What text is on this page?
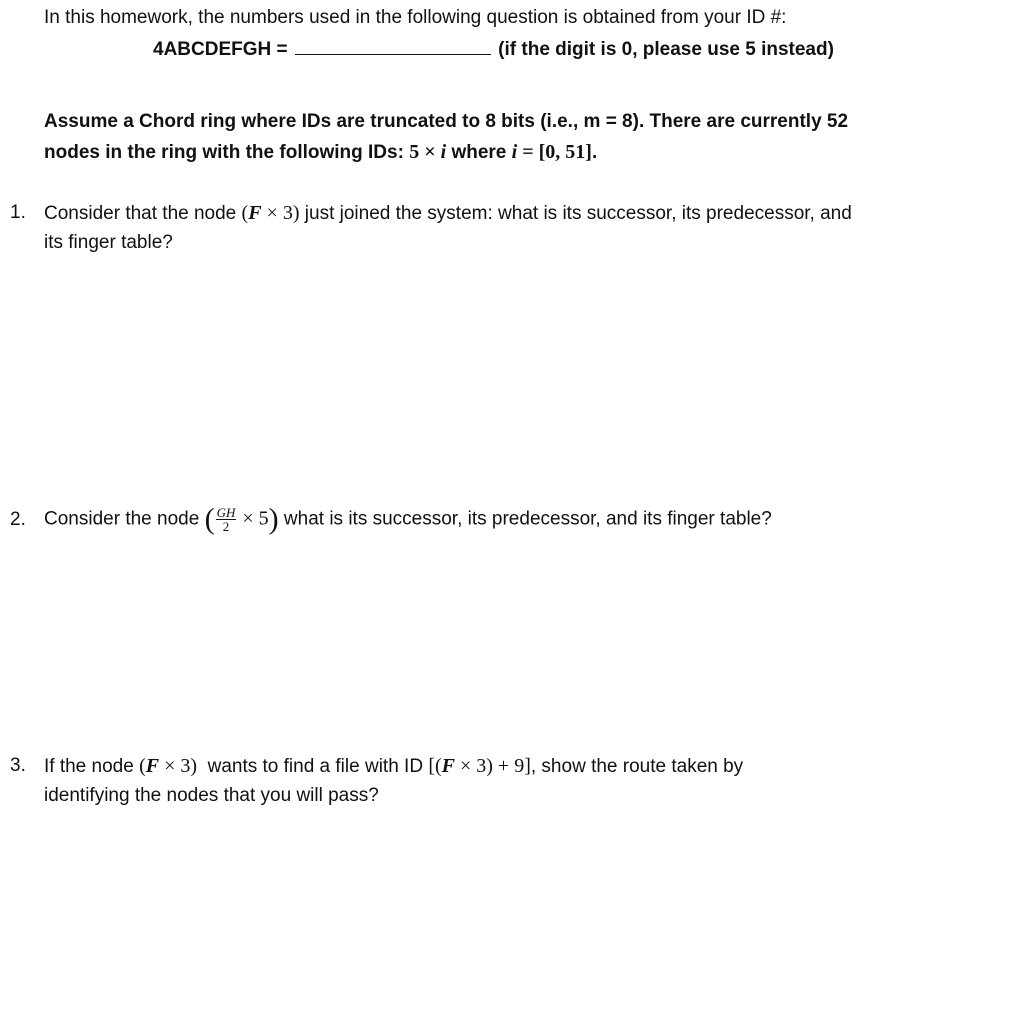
In this homework, the numbers used in the following question is obtained from your ID #:
4ABCDEFGH =	(if the digit is 0, please use 5 instead)
Assume a Chord ring where IDs are truncated to 8 bits (i.e., m = 8). There are currently 52
nodes in the ring with the following IDs: 5 × i where i = [0, 51].
1. Consider that the node (F × 3) just joined the system: what is its successor, its predecessor, and
its finger table?
2. Consider the node ( $\frac{GH}{2} \times 5$) what is its successor, its predecessor, and its finger table?
3. If the node (F × 3)  wants to find a file with ID [(F × 3) + 9], show the route taken by
identifying the nodes that you will pass?
